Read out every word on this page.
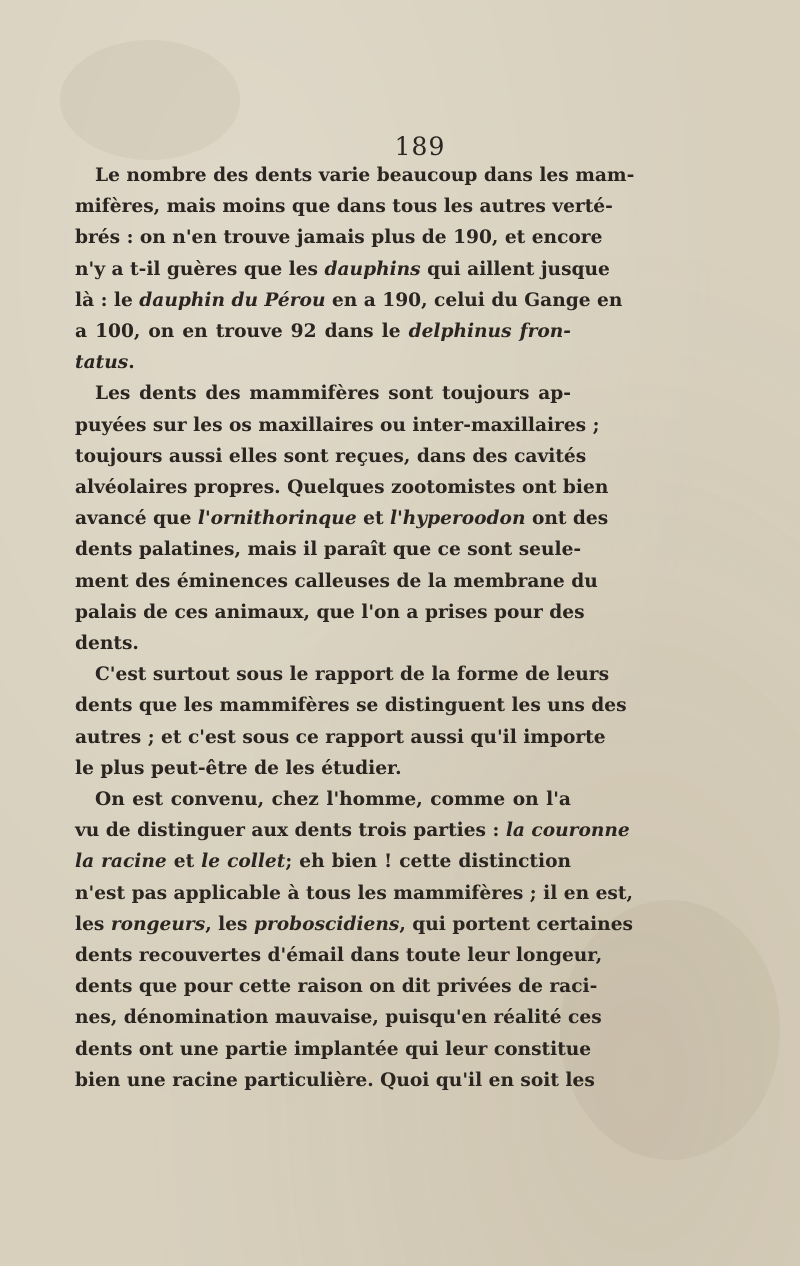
189
Le nombre des dents varie beaucoup dans les mam-
mifères, mais moins que dans tous les autres verté-
brés : on n'en trouve jamais plus de 190, et encore
n'y a t-il guères que les dauphins qui aillent jusque
là : le dauphin du Pérou en a 190, celui du Gange en
a 100, on en trouve 92 dans le delphinus fron-
tatus.
Les dents des mammifères sont toujours ap-
puyées sur les os maxillaires ou inter-maxillaires ;
toujours aussi elles sont reçues, dans des cavités
alvéolaires propres. Quelques zootomistes ont bien
avancé que l'ornithorinque et l'hyperoodon ont des
dents palatines, mais il paraît que ce sont seule-
ment des éminences calleuses de la membrane du
palais de ces animaux, que l'on a prises pour des
dents.
C'est surtout sous le rapport de la forme de leurs
dents que les mammifères se distinguent les uns des
autres ; et c'est sous ce rapport aussi qu'il importe
le plus peut-être de les étudier.
On est convenu, chez l'homme, comme on l'a
vu de distinguer aux dents trois parties : la couronne
la racine et le collet; eh bien ! cette distinction
n'est pas applicable à tous les mammifères ; il en est,
les rongeurs, les proboscidiens, qui portent certaines
dents recouvertes d'émail dans toute leur longeur,
dents que pour cette raison on dit privées de raci-
nes, dénomination mauvaise, puisqu'en réalité ces
dents ont une partie implantée qui leur constitue
bien une racine particulière. Quoi qu'il en soit les
